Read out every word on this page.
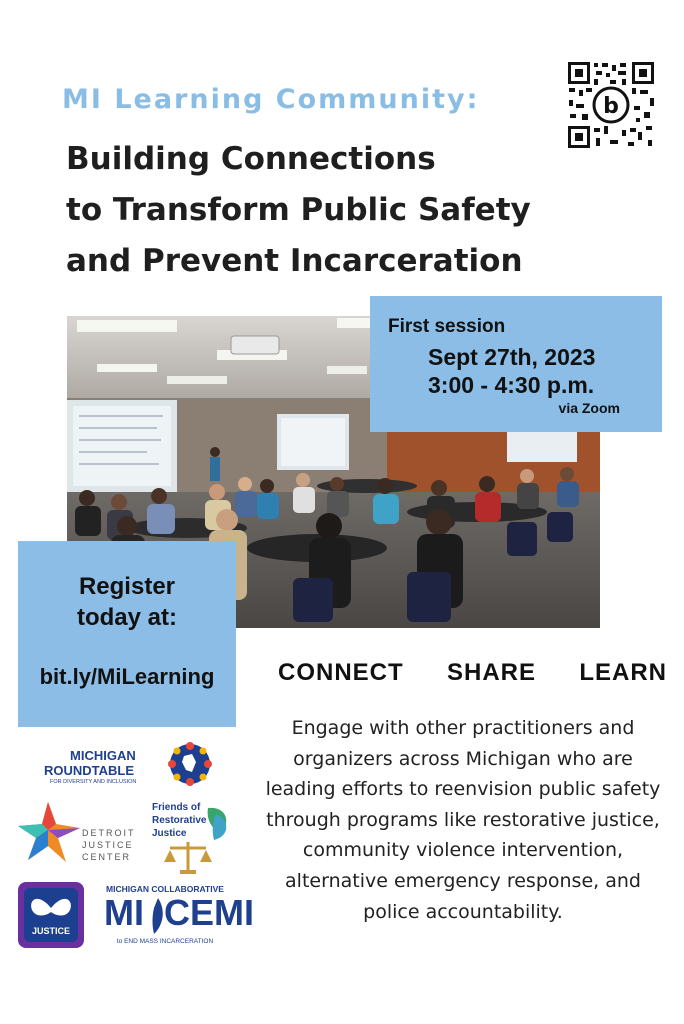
MI Learning Community:
Building Connections
to Transform Public Safety
and Prevent Incarceration
b
First session
Sept 27th, 2023
3:00 - 4:30 p.m.
via Zoom
Register
today at:
bit.ly/MiLearning	CONNECT  SHARE  LEARN
Engage with other practitioners and organizers across Michigan who are leading efforts to reenvision public safety through programs like restorative justice, community violence intervention, alternative emergency response, and police accountability.
MICHIGAN
ROUNDTABLE
FOR DIVERSITY AND INCLUSION
DETROIT
JUSTICE
CENTER
Friends of
Restorative
Justice
JUSTICE
MICHIGAN COLLABORATIVE
MI CEMI
to END MASS INCARCERATION
